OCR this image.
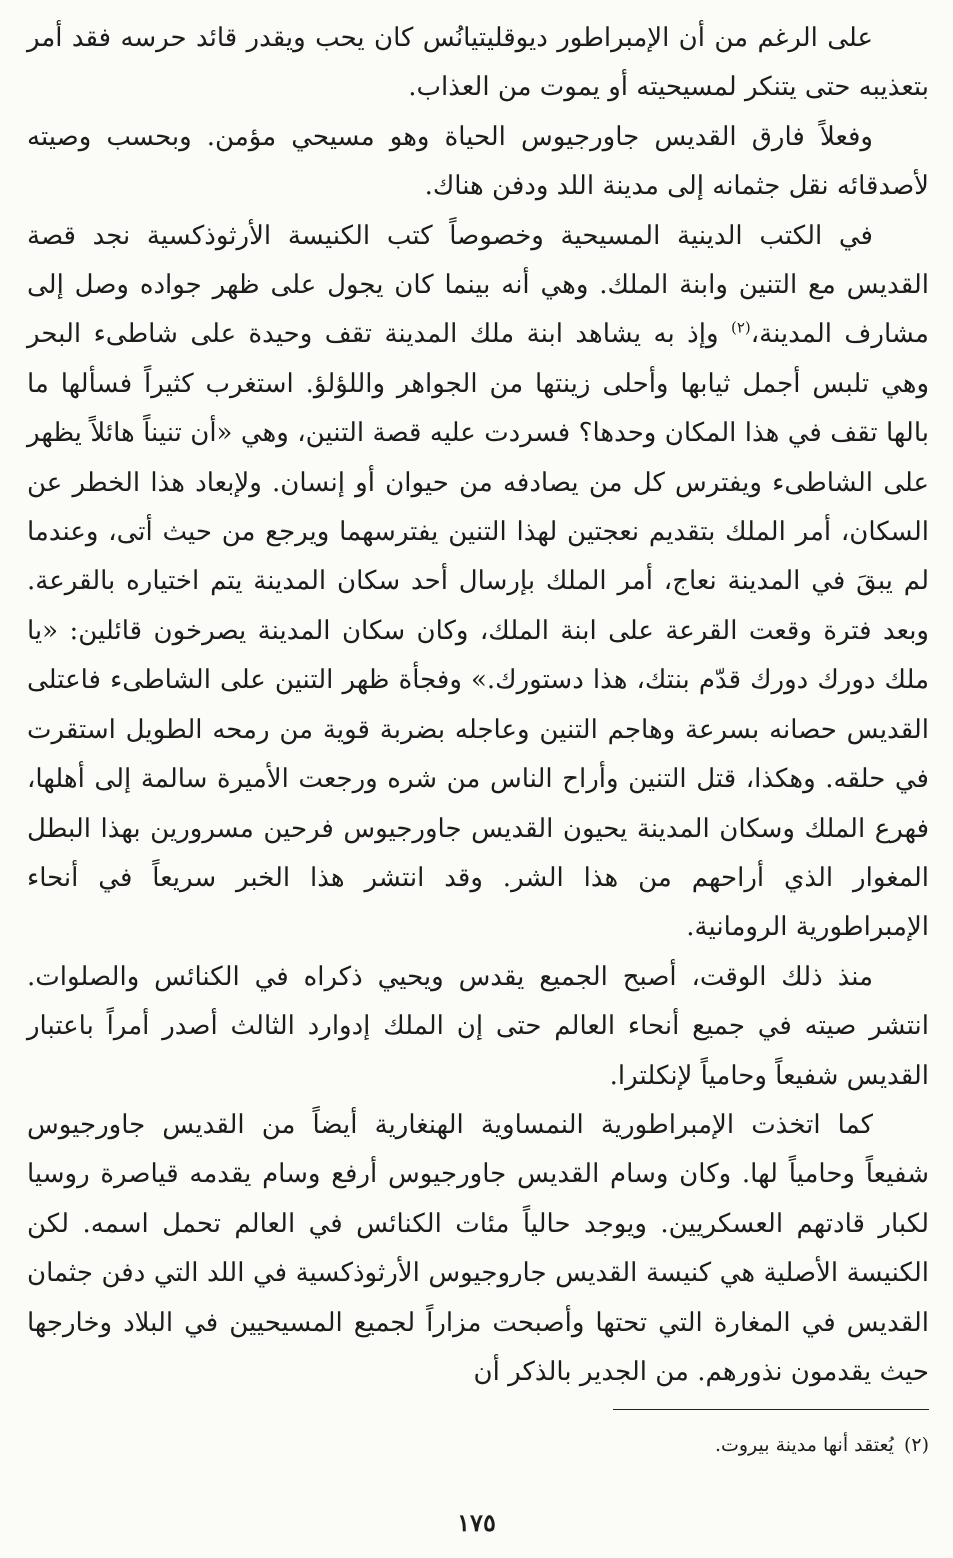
على الرغم من أن الإمبراطور ديوقليتيانُس كان يحب ويقدر قائد حرسه فقد أمر بتعذيبه حتى يتنكر لمسيحيته أو يموت من العذاب.

وفعلاً فارق القديس جاورجيوس الحياة وهو مسيحي مؤمن. وبحسب وصيته لأصدقائه نقل جثمانه إلى مدينة اللد ودفن هناك.

في الكتب الدينية المسيحية وخصوصاً كتب الكنيسة الأرثوذكسية نجد قصة القديس مع التنين وابنة الملك. وهي أنه بينما كان يجول على ظهر جواده وصل إلى مشارف المدينة،$^{(٢)}$ وإذ به يشاهد ابنة ملك المدينة تقف وحيدة على شاطىء البحر وهي تلبس أجمل ثيابها وأحلى زينتها من الجواهر واللؤلؤ. استغرب كثيراً فسألها ما بالها تقف في هذا المكان وحدها؟ فسردت عليه قصة التنين، وهي «أن تنيناً هائلاً يظهر على الشاطىء ويفترس كل من يصادفه من حيوان أو إنسان. ولإبعاد هذا الخطر عن السكان، أمر الملك بتقديم نعجتين لهذا التنين يفترسهما ويرجع من حيث أتى، وعندما لم يبقَ في المدينة نعاج، أمر الملك بإرسال أحد سكان المدينة يتم اختياره بالقرعة. وبعد فترة وقعت القرعة على ابنة الملك، وكان سكان المدينة يصرخون قائلين: «يا ملك دورك دورك قدّم بنتك، هذا دستورك.» وفجأة ظهر التنين على الشاطىء فاعتلى القديس حصانه بسرعة وهاجم التنين وعاجله بضربة قوية من رمحه الطويل استقرت في حلقه. وهكذا، قتل التنين وأراح الناس من شره ورجعت الأميرة سالمة إلى أهلها، فهرع الملك وسكان المدينة يحيون القديس جاورجيوس فرحين مسرورين بهذا البطل المغوار الذي أراحهم من هذا الشر. وقد انتشر هذا الخبر سريعاً في أنحاء الإمبراطورية الرومانية.

منذ ذلك الوقت، أصبح الجميع يقدس ويحيي ذكراه في الكنائس والصلوات. انتشر صيته في جميع أنحاء العالم حتى إن الملك إدوارد الثالث أصدر أمراً باعتبار القديس شفيعاً وحامياً لإنكلترا.

كما اتخذت الإمبراطورية النمساوية الهنغارية أيضاً من القديس جاورجيوس شفيعاً وحامياً لها. وكان وسام القديس جاورجيوس أرفع وسام يقدمه قياصرة روسيا لكبار قادتهم العسكريين. ويوجد حالياً مئات الكنائس في العالم تحمل اسمه. لكن الكنيسة الأصلية هي كنيسة القديس جاروجيوس الأرثوذكسية في اللد التي دفن جثمان القديس في المغارة التي تحتها وأصبحت مزاراً لجميع المسيحيين في البلاد وخارجها حيث يقدمون نذورهم. من الجدير بالذكر أن

(٢)يُعتقد أنها مدينة بيروت.
١٧٥
